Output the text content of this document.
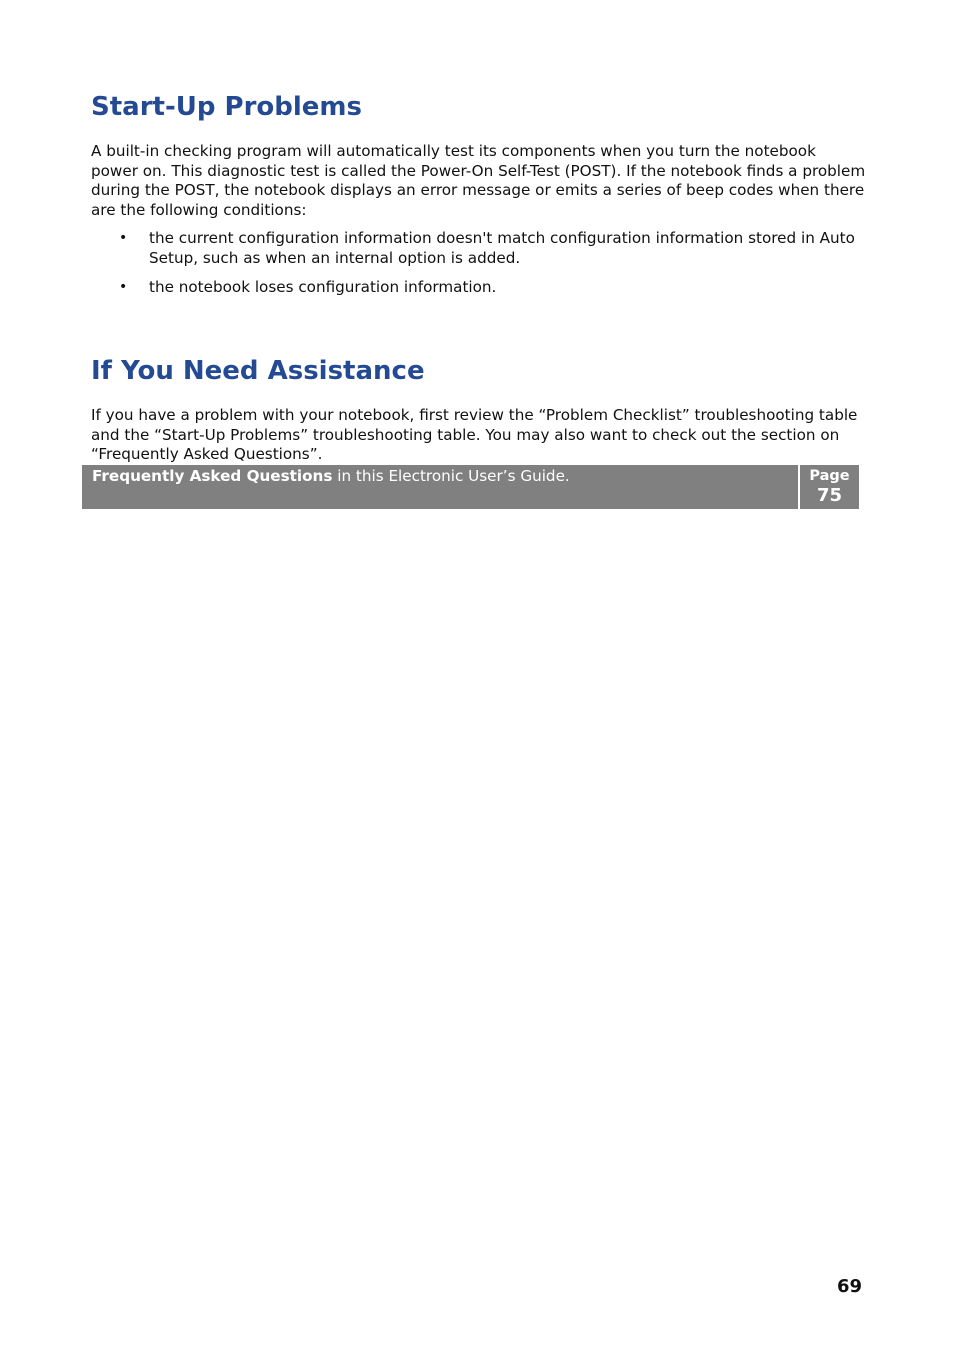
Start-Up Problems

A built-in checking program will automatically test its components when you turn the notebook power on. This diagnostic test is called the Power-On Self-Test (POST). If the notebook finds a problem during the POST, the notebook displays an error message or emits a series of beep codes when there are the following conditions:

• the current configuration information doesn't match configuration information stored in Auto Setup, such as when an internal option is added.
• the notebook loses configuration information.
If You Need Assistance

If you have a problem with your notebook, first review the “Problem Checklist” troubleshooting table and the “Start-Up Problems” troubleshooting table. You may also want to check out the section on “Frequently Asked Questions”.

Frequently Asked Questions in this Electronic User’s Guide.	Page
75
69
